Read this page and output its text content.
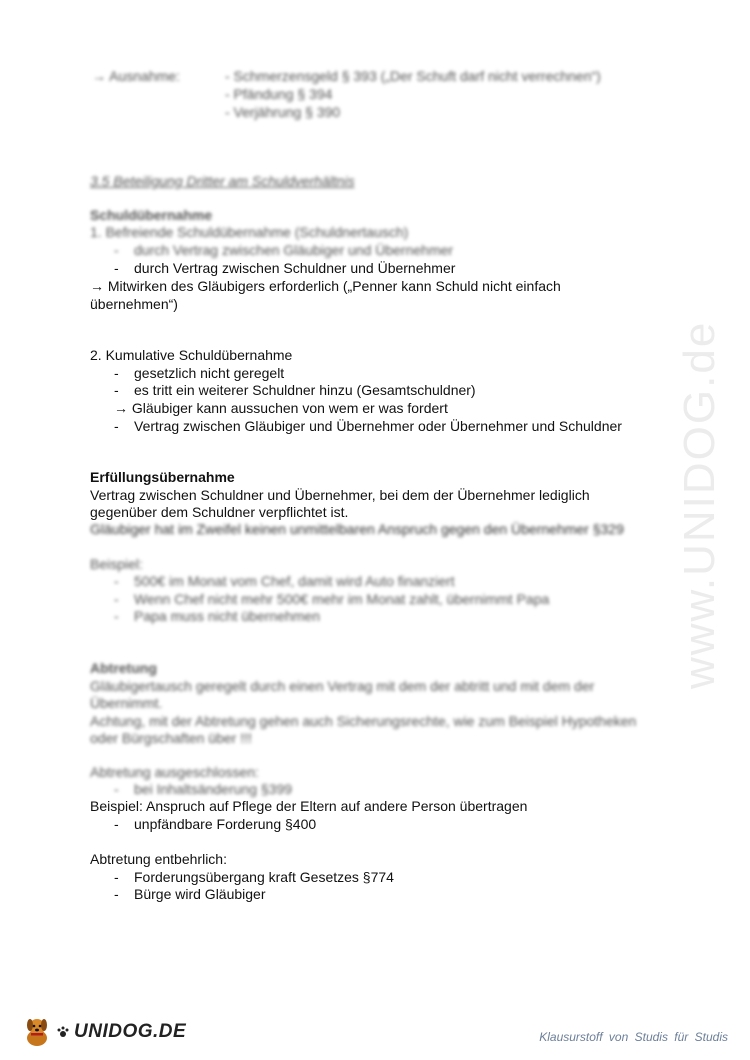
www.UNIDOG.de
→ Ausnahme:	- Schmerzensgeld § 393 („Der Schuft darf nicht verrechnen“)
- Pfändung § 394
- Verjährung § 390
3.5 Beteiligung Dritter am Schuldverhältnis
Schuldübernahme
1. Befreiende Schuldübernahme (Schuldnertausch)
- durch Vertrag zwischen Gläubiger und Übernehmer
- durch Vertrag zwischen Schuldner und Übernehmer
→ Mitwirken des Gläubigers erforderlich („Penner kann Schuld nicht einfach
übernehmen“)
2. Kumulative Schuldübernahme
- gesetzlich nicht geregelt
- es tritt ein weiterer Schuldner hinzu (Gesamtschuldner)
→ Gläubiger kann aussuchen von wem er was fordert
- Vertrag zwischen Gläubiger und Übernehmer oder Übernehmer und Schuldner
Erfüllungsübernahme
Vertrag zwischen Schuldner und Übernehmer, bei dem der Übernehmer lediglich
gegenüber dem Schuldner verpflichtet ist.
Gläubiger hat im Zweifel keinen unmittelbaren Anspruch gegen den Übernehmer §329
Beispiel:
- 500€ im Monat vom Chef, damit wird Auto finanziert
- Wenn Chef nicht mehr 500€ mehr im Monat zahlt, übernimmt Papa
- Papa muss nicht übernehmen
Abtretung
Gläubigertausch geregelt durch einen Vertrag mit dem der abtritt und mit dem der
Übernimmt.
Achtung, mit der Abtretung gehen auch Sicherungsrechte, wie zum Beispiel Hypotheken
oder Bürgschaften über !!!
Abtretung ausgeschlossen:
- bei Inhaltsänderung §399
Beispiel: Anspruch auf Pflege der Eltern auf andere Person übertragen
- unpfändbare Forderung §400
Abtretung entbehrlich:
- Forderungsübergang kraft Gesetzes §774
- Bürge wird Gläubiger
UNIDOG.DE	Klausurstoff von Studis für Studis
